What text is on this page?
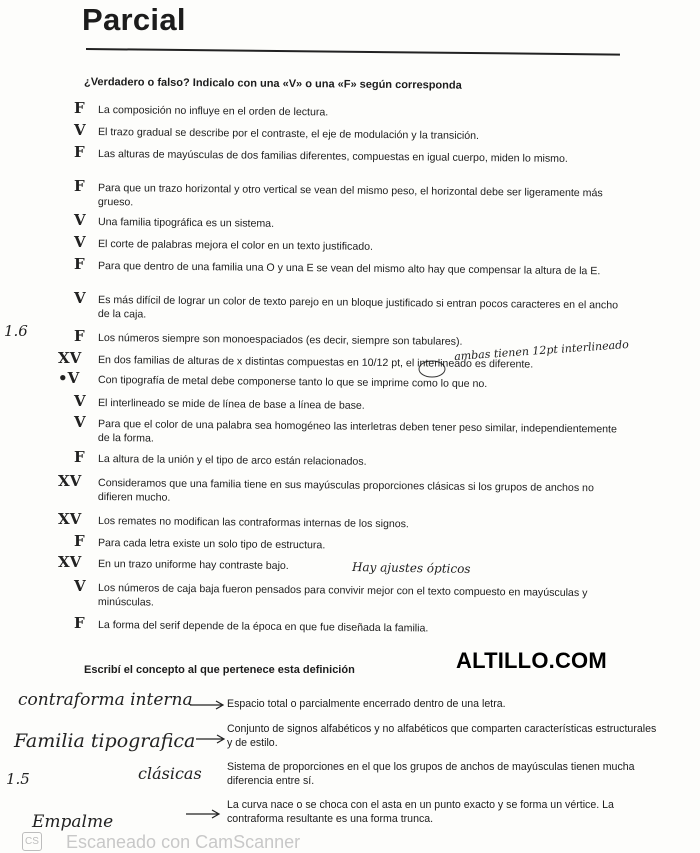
Parcial
¿Verdadero o falso? Indicalo con una «V» o una «F» según corresponda
1.6
ambas tienen 12pt interlineado
Hay ajustes ópticos
ALTILLO.COM
Escribí el concepto al que pertenece esta definición
contraforma interna	Espacio total o parcialmente encerrado dentro de una letra.
Familia tipografica
Conjunto de signos alfabéticos y no alfabéticos que comparten características estructurales y de estilo.
1.5	clásicas Sistema de proporciones en el que los grupos de anchos de mayúsculas tienen mucha diferencia entre sí.
Empalme
La curva nace o se choca con el asta en un punto exacto y se forma un vértice. La contraforma resultante es una forma trunca.
CS Escaneado con CamScanner
F La composición no influye en el orden de lectura.
V El trazo gradual se describe por el contraste, el eje de modulación y la transición.
F Las alturas de mayúsculas de dos familias diferentes, compuestas en igual cuerpo, miden lo mismo.
F Para que un trazo horizontal y otro vertical se vean del mismo peso, el horizontal debe ser ligeramente más grueso.
V Una familia tipográfica es un sistema.
V El corte de palabras mejora el color en un texto justificado.
F Para que dentro de una familia una O y una E se vean del mismo alto hay que compensar la altura de la E.
V Es más difícil de lograr un color de texto parejo en un bloque justificado si entran pocos caracteres en el ancho de la caja.
F Los números siempre son monoespaciados (es decir, siempre son tabulares).
XV En dos familias de alturas de x distintas compuestas en 10/12 pt, el interlineado es diferente.
•V Con tipografía de metal debe componerse tanto lo que se imprime como lo que no.
V El interlineado se mide de línea de base a línea de base.
V Para que el color de una palabra sea homogéneo las interletras deben tener peso similar, independientemente de la forma.
F La altura de la unión y el tipo de arco están relacionados.
XV Consideramos que una familia tiene en sus mayúsculas proporciones clásicas si los grupos de anchos no difieren mucho.
XV Los remates no modifican las contraformas internas de los signos.
F Para cada letra existe un solo tipo de estructura.
XV En un trazo uniforme hay contraste bajo.
V Los números de caja baja fueron pensados para convivir mejor con el texto compuesto en mayúsculas y minúsculas.
F La forma del serif depende de la época en que fue diseñada la familia.
